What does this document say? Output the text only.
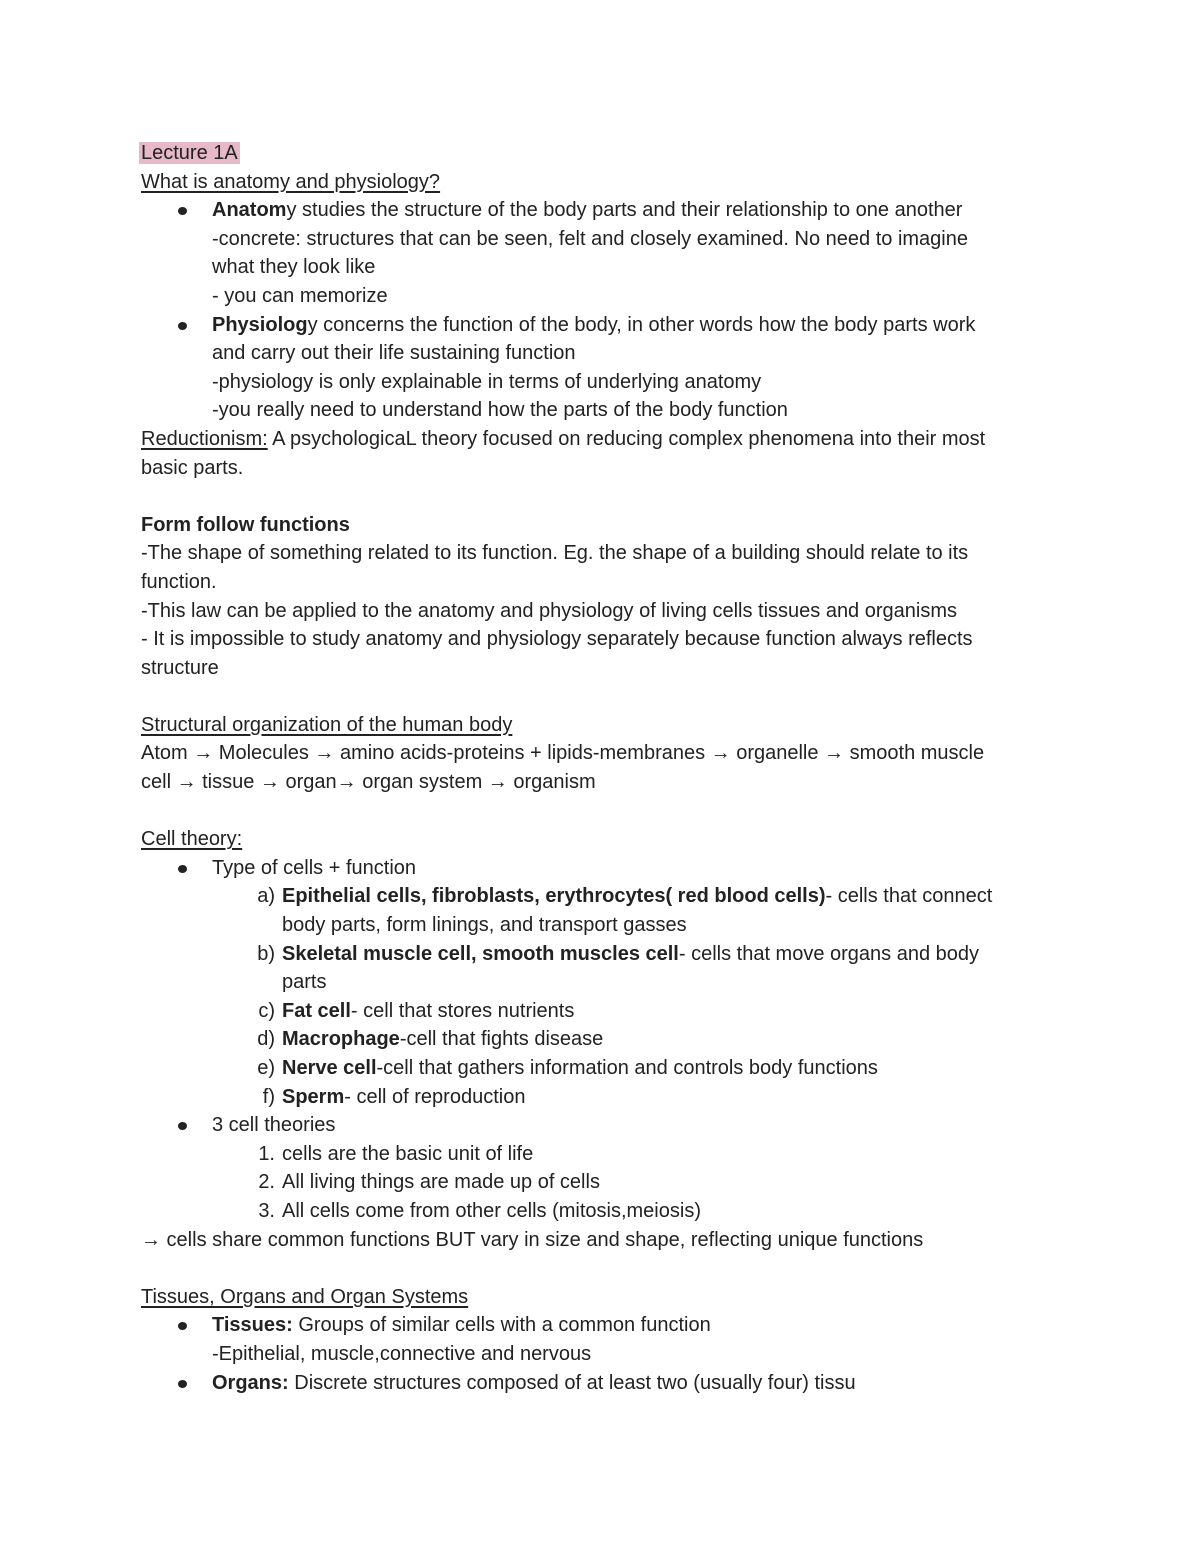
Lecture 1A
What is anatomy and physiology?
Anatomy studies the structure of the body parts and their relationship to one another
-concrete: structures that can be seen, felt and closely examined. No need to imagine
what they look like
- you can memorize
Physiology concerns the function of the body, in other words how the body parts work
and carry out their life sustaining function
-physiology is only explainable in terms of underlying anatomy
-you really need to understand how the parts of the body function
Reductionism: A psychologicaL theory focused on reducing complex phenomena into their most
basic parts.
Form follow functions
-The shape of something related to its function. Eg. the shape of a building should relate to its
function.
-This law can be applied to the anatomy and physiology of living cells tissues and organisms
- It is impossible to study anatomy and physiology separately because function always reflects
structure
Structural organization of the human body
Atom → Molecules → amino acids-proteins + lipids-membranes → organelle → smooth muscle
cell → tissue → organ→ organ system → organism
Cell theory:
Type of cells + function
a) Epithelial cells, fibroblasts, erythrocytes( red blood cells)- cells that connect
body parts, form linings, and transport gasses
b) Skeletal muscle cell, smooth muscles cell- cells that move organs and body
parts
c) Fat cell- cell that stores nutrients
d) Macrophage-cell that fights disease
e) Nerve cell-cell that gathers information and controls body functions
f) Sperm- cell of reproduction
3 cell theories
1. cells are the basic unit of life
2. All living things are made up of cells
3. All cells come from other cells (mitosis,meiosis)
→ cells share common functions BUT vary in size and shape, reflecting unique functions
Tissues, Organs and Organ Systems
Tissues: Groups of similar cells with a common function
-Epithelial, muscle,connective and nervous
Organs: Discrete structures composed of at least two (usually four) tissu
